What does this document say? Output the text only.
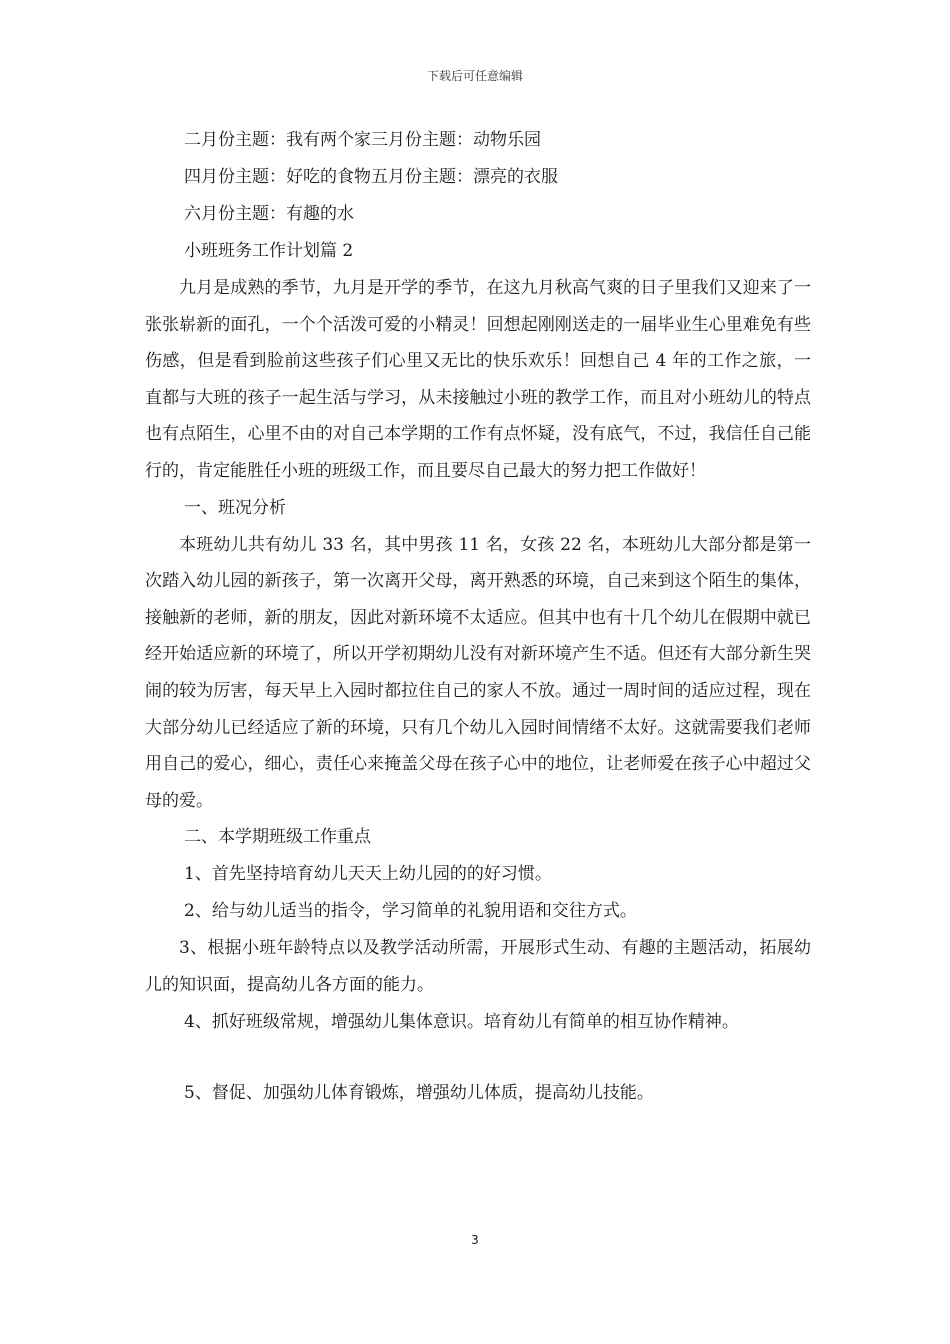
下载后可任意编辑
二月份主题：我有两个家三月份主题：动物乐园
四月份主题：好吃的食物五月份主题：漂亮的衣服
六月份主题：有趣的水
小班班务工作计划篇 2

九月是成熟的季节，九月是开学的季节，在这九月秋高气爽的日子里我们又迎来了一张张崭新的面孔，一个个活泼可爱的小精灵！回想起刚刚送走的一届毕业生心里难免有些伤感，但是看到脸前这些孩子们心里又无比的快乐欢乐！回想自己 4 年的工作之旅，一直都与大班的孩子一起生活与学习，从未接触过小班的教学工作，而且对小班幼儿的特点也有点陌生，心里不由的对自己本学期的工作有点怀疑，没有底气，不过，我信任自己能行的，肯定能胜任小班的班级工作，而且要尽自己最大的努力把工作做好！

一、班况分析

本班幼儿共有幼儿 33 名，其中男孩 11 名，女孩 22 名，本班幼儿大部分都是第一次踏入幼儿园的新孩子，第一次离开父母，离开熟悉的环境，自己来到这个陌生的集体，接触新的老师，新的朋友，因此对新环境不太适应。但其中也有十几个幼儿在假期中就已经开始适应新的环境了，所以开学初期幼儿没有对新环境产生不适。但还有大部分新生哭闹的较为厉害，每天早上入园时都拉住自己的家人不放。通过一周时间的适应过程，现在大部分幼儿已经适应了新的环境，只有几个幼儿入园时间情绪不太好。这就需要我们老师用自己的爱心，细心，责任心来掩盖父母在孩子心中的地位，让老师爱在孩子心中超过父母的爱。

二、本学期班级工作重点
1、首先坚持培育幼儿天天上幼儿园的的好习惯。
2、给与幼儿适当的指令，学习简单的礼貌用语和交往方式。

3、根据小班年龄特点以及教学活动所需，开展形式生动、有趣的主题活动，拓展幼儿的知识面，提高幼儿各方面的能力。

4、抓好班级常规，增强幼儿集体意识。培育幼儿有简单的相互协作精神。
5、督促、加强幼儿体育锻炼，增强幼儿体质，提高幼儿技能。
3
